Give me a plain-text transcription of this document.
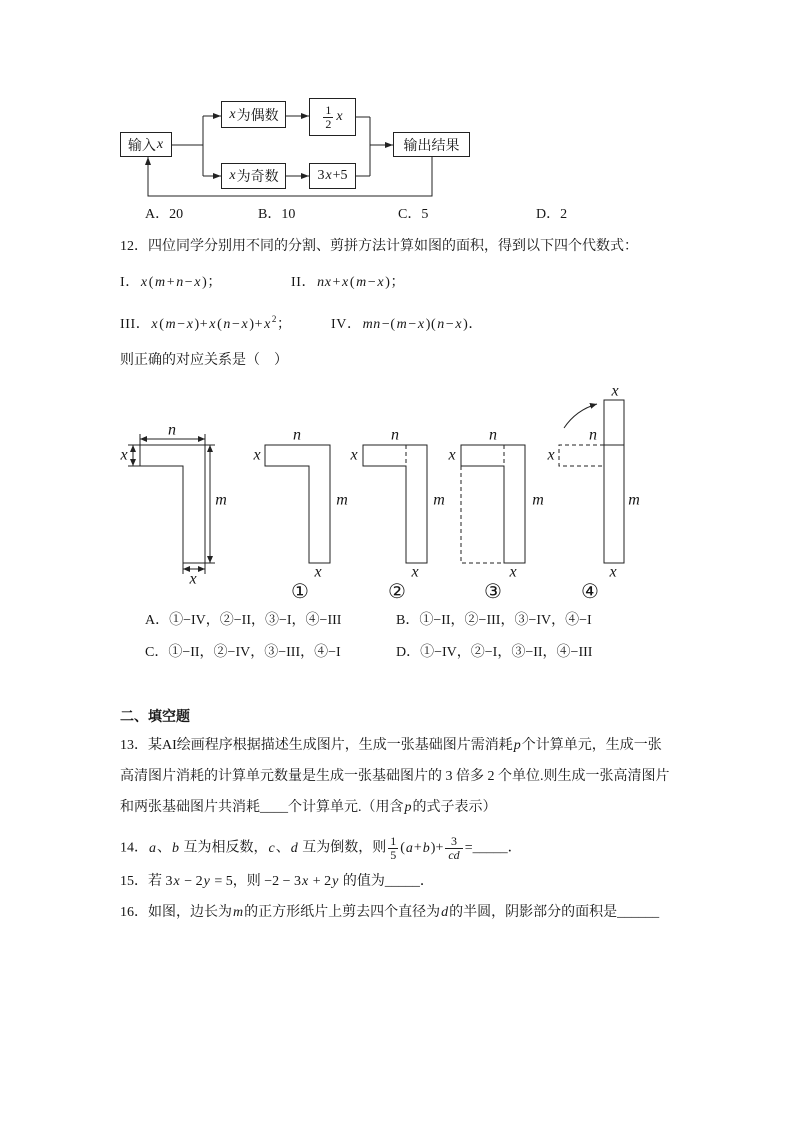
输入 x
x 为偶数	$\frac{1}{2}$ x
输出结果
x 为奇数	3 x +5
A．20	B．10	C．5	D．2
12．四位同学分别用不同的分割、剪拼方法计算如图的面积，得到以下四个代数式：
I．x(m+n−x)；	II．nx+x(m−x)；
III．$x(m-x)+x(n-x)+x^2$；	IV．mn−(m−x)(n−x)．
则正确的对应关系是（　）
n
x
m
x
n
x
m
x
①
n
x
m
x
②
n
x
m
x
③
x
n
x
m
x
④
A．①−IV，②−II，③−I，④−III	B．①−II，②−III，③−IV，④−I
C．①−II，②−IV，③−III，④−I	D．①−IV，②−I，③−II，④−III
二、填空题
13．某AI绘画程序根据描述生成图片，生成一张基础图片需消耗p个计算单元，生成一张
高清图片消耗的计算单元数量是生成一张基础图片的 3 倍多 2 个单位.则生成一张高清图片
和两张基础图片共消耗____个计算单元.（用含p的式子表示）
14．a、b 互为相反数，c、d 互为倒数，则 $\frac{1}{5} (a+b)+ \frac{3}{cd}$ =_____．
15．若 3x − 2y = 5，则 −2 − 3x + 2y 的值为_____．
16．如图，边长为m的正方形纸片上剪去四个直径为d的半圆，阴影部分的面积是______
